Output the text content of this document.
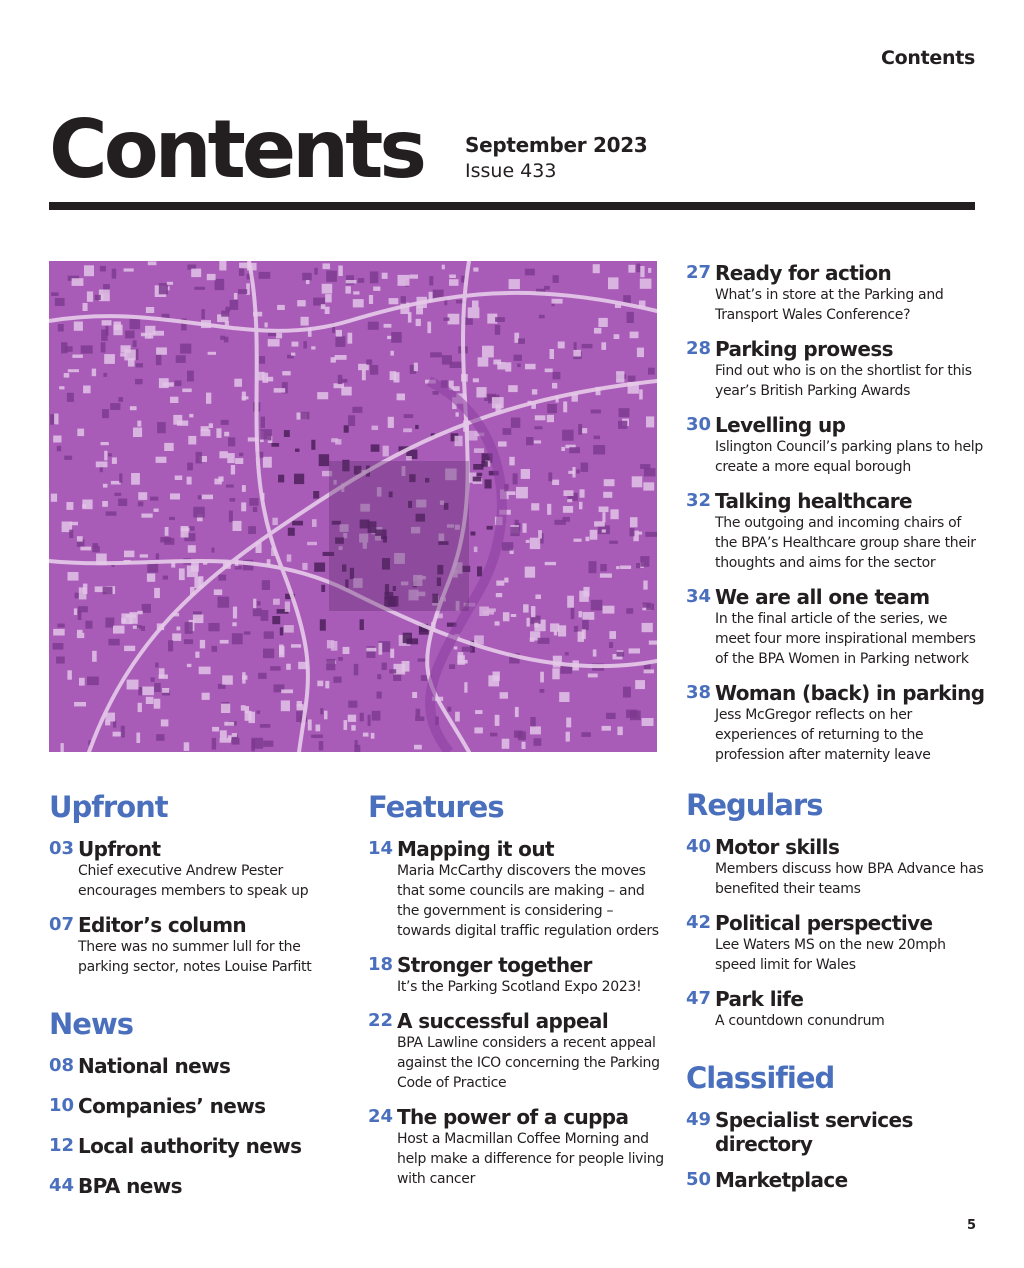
Contents
Contents September 2023
Issue 433
Upfront
03 Upfront
Chief executive Andrew Pester encourages members to speak up
07 Editor’s column
There was no summer lull for the parking sector, notes Louise Parfitt
News
08 National news
10 Companies’ news
12 Local authority news
44 BPA news
Features
14 Mapping it out
Maria McCarthy discovers the moves that some councils are making – and the government is considering – towards digital traffic regulation orders
18 Stronger together
It’s the Parking Scotland Expo 2023!
22 A successful appeal
BPA Lawline considers a recent appeal against the ICO concerning the Parking Code of Practice
24 The power of a cuppa
Host a Macmillan Coffee Morning and help make a difference for people living with cancer
27 Ready for action
What’s in store at the Parking and Transport Wales Conference?
28 Parking prowess
Find out who is on the shortlist for this year’s British Parking Awards
30 Levelling up
Islington Council’s parking plans to help create a more equal borough
32 Talking healthcare
The outgoing and incoming chairs of the BPA’s Healthcare group share their thoughts and aims for the sector
34 We are all one team
In the final article of the series, we meet four more inspirational members of the BPA Women in Parking network
38 Woman (back) in parking
Jess McGregor reflects on her experiences of returning to the profession after maternity leave
Regulars
40 Motor skills
Members discuss how BPA Advance has benefited their teams
42 Political perspective
Lee Waters MS on the new 20mph speed limit for Wales
47 Park life
A countdown conundrum
Classified
49 Specialist services directory
50 Marketplace
5
